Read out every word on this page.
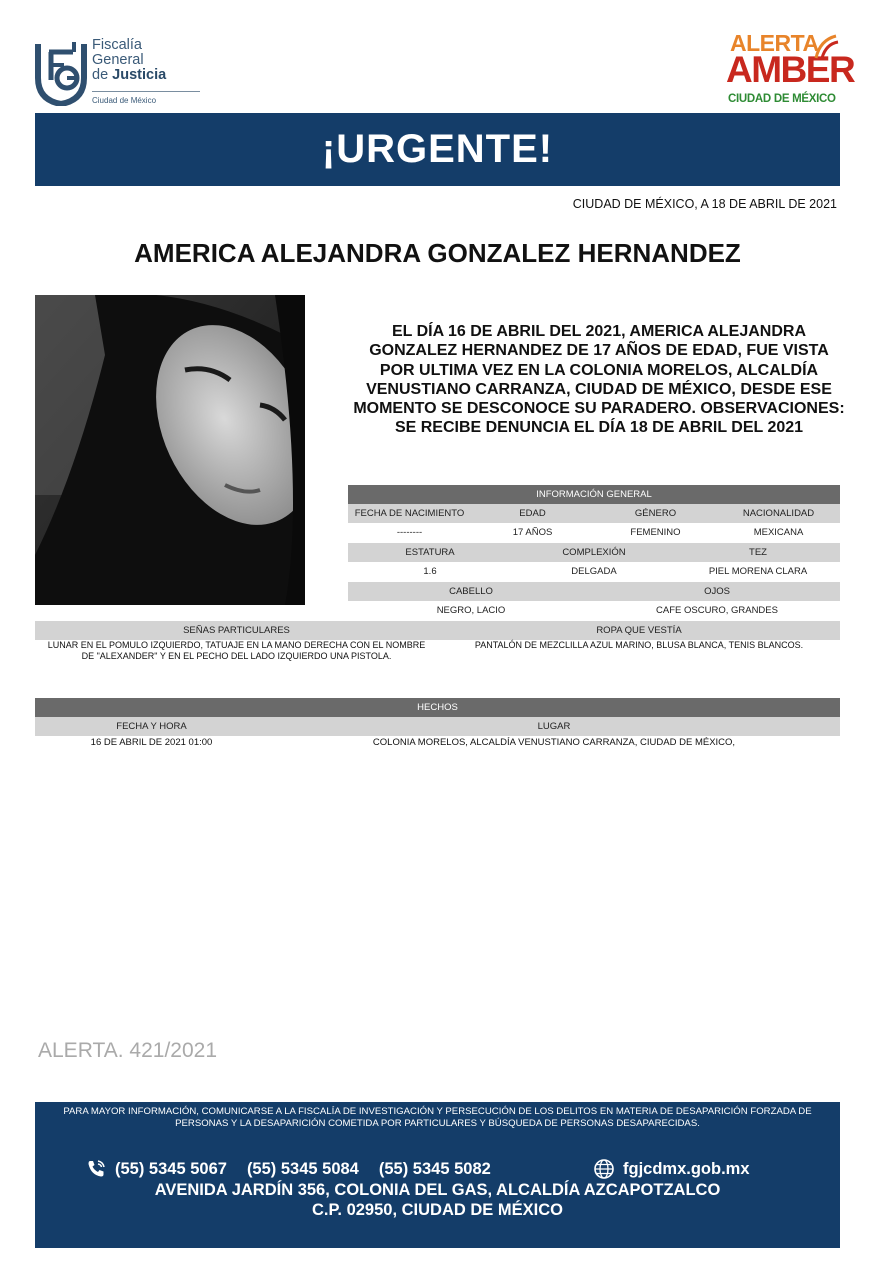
Fiscalía
General
de Justicia
Ciudad de México
ALERTA
AMBER
CIUDAD DE MÉXICO
¡URGENTE!
CIUDAD DE MÉXICO, A 18 DE ABRIL DE 2021
AMERICA ALEJANDRA GONZALEZ HERNANDEZ
EL DÍA 16 DE ABRIL DEL 2021, AMERICA ALEJANDRA GONZALEZ HERNANDEZ DE 17 AÑOS DE EDAD, FUE VISTA POR ULTIMA VEZ EN LA COLONIA MORELOS, ALCALDÍA VENUSTIANO CARRANZA, CIUDAD DE MÉXICO, DESDE ESE MOMENTO SE DESCONOCE SU PARADERO. OBSERVACIONES: SE RECIBE DENUNCIA EL DÍA 18 DE ABRIL DEL 2021
INFORMACIÓN GENERAL
FECHA DE NACIMIENTO	EDAD	GÉNERO	NACIONALIDAD
--------	17 AÑOS	FEMENINO	MEXICANA
ESTATURA	COMPLEXIÓN	TEZ
1.6	DELGADA	PIEL MORENA CLARA
CABELLO	OJOS
NEGRO, LACIO	CAFE OSCURO, GRANDES
SEÑAS PARTICULARES	ROPA QUE VESTÍA
LUNAR EN EL POMULO IZQUIERDO, TATUAJE EN LA MANO DERECHA CON EL NOMBRE DE "ALEXANDER" Y EN EL PECHO DEL LADO IZQUIERDO UNA PISTOLA.
PANTALÓN DE MEZCLILLA AZUL MARINO, BLUSA BLANCA, TENIS BLANCOS.
HECHOS
FECHA Y HORA	LUGAR
16 DE ABRIL DE 2021 01:00	COLONIA MORELOS, ALCALDÍA VENUSTIANO CARRANZA, CIUDAD DE MÉXICO,
ALERTA. 421/2021
PARA MAYOR INFORMACIÓN, COMUNICARSE A LA FISCALÍA DE INVESTIGACIÓN Y PERSECUCIÓN DE LOS DELITOS EN MATERIA DE DESAPARICIÓN FORZADA DE PERSONAS Y LA DESAPARICIÓN COMETIDA POR PARTICULARES Y BÚSQUEDA DE PERSONAS DESAPARECIDAS.
(55) 5345 5067 (55) 5345 5084 (55) 5345 5082	fgjcdmx.gob.mx
AVENIDA JARDÍN 356, COLONIA DEL GAS, ALCALDÍA AZCAPOTZALCO
C.P. 02950, CIUDAD DE MÉXICO
